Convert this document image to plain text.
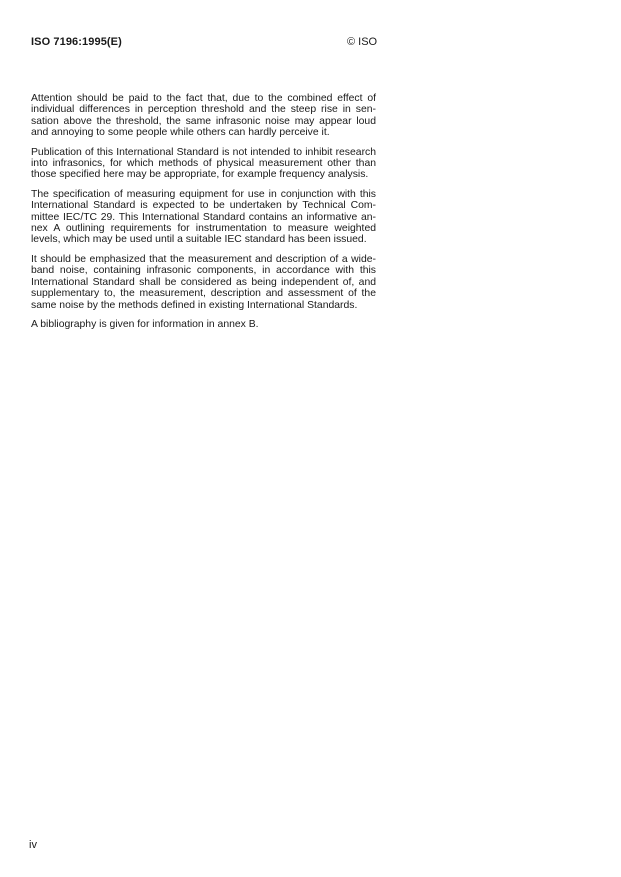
ISO 7196:1995(E)	© ISO

Attention should be paid to the fact that, due to the combined effect of individual differences in perception threshold and the steep rise in sensation above the threshold, the same infrasonic noise may appear loud and annoying to some people while others can hardly perceive it.

Publication of this International Standard is not intended to inhibit research into infrasonics, for which methods of physical measurement other than those specified here may be appropriate, for example frequency analysis.

The specification of measuring equipment for use in conjunction with this International Standard is expected to be undertaken by Technical Committee IEC/TC 29. This International Standard contains an informative annex A outlining requirements for instrumentation to measure weighted levels, which may be used until a suitable IEC standard has been issued.

It should be emphasized that the measurement and description of a wide-band noise, containing infrasonic components, in accordance with this International Standard shall be considered as being independent of, and supplementary to, the measurement, description and assessment of the same noise by the methods defined in existing International Standards.

A bibliography is given for information in annex B.

iv
